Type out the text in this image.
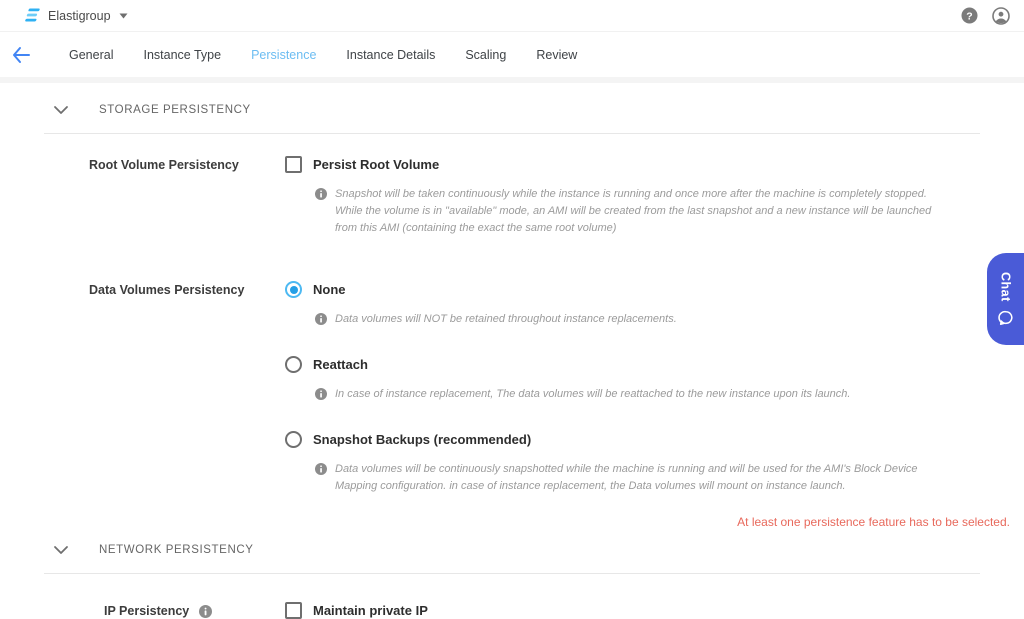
Elastigroup	?
General	Instance Type	Persistence	Instance Details	Scaling	Review
STORAGE PERSISTENCY
Root Volume Persistency	Persist Root Volume
Snapshot will be taken continuously while the instance is running and once more after the machine is completely stopped. While the volume is in "available" mode, an AMI will be created from the last snapshot and a new instance will be launched from this AMI (containing the exact the same root volume)
Data Volumes Persistency	None
Data volumes will NOT be retained throughout instance replacements.
Reattach
In case of instance replacement, The data volumes will be reattached to the new instance upon its launch.
Snapshot Backups (recommended)
Data volumes will be continuously snapshotted while the machine is running and will be used for the AMI's Block Device Mapping configuration. in case of instance replacement, the Data volumes will mount on instance launch.
NETWORK PERSISTENCY
IP Persistency	Maintain private IP
At least one persistence feature has to be selected.
Chat
